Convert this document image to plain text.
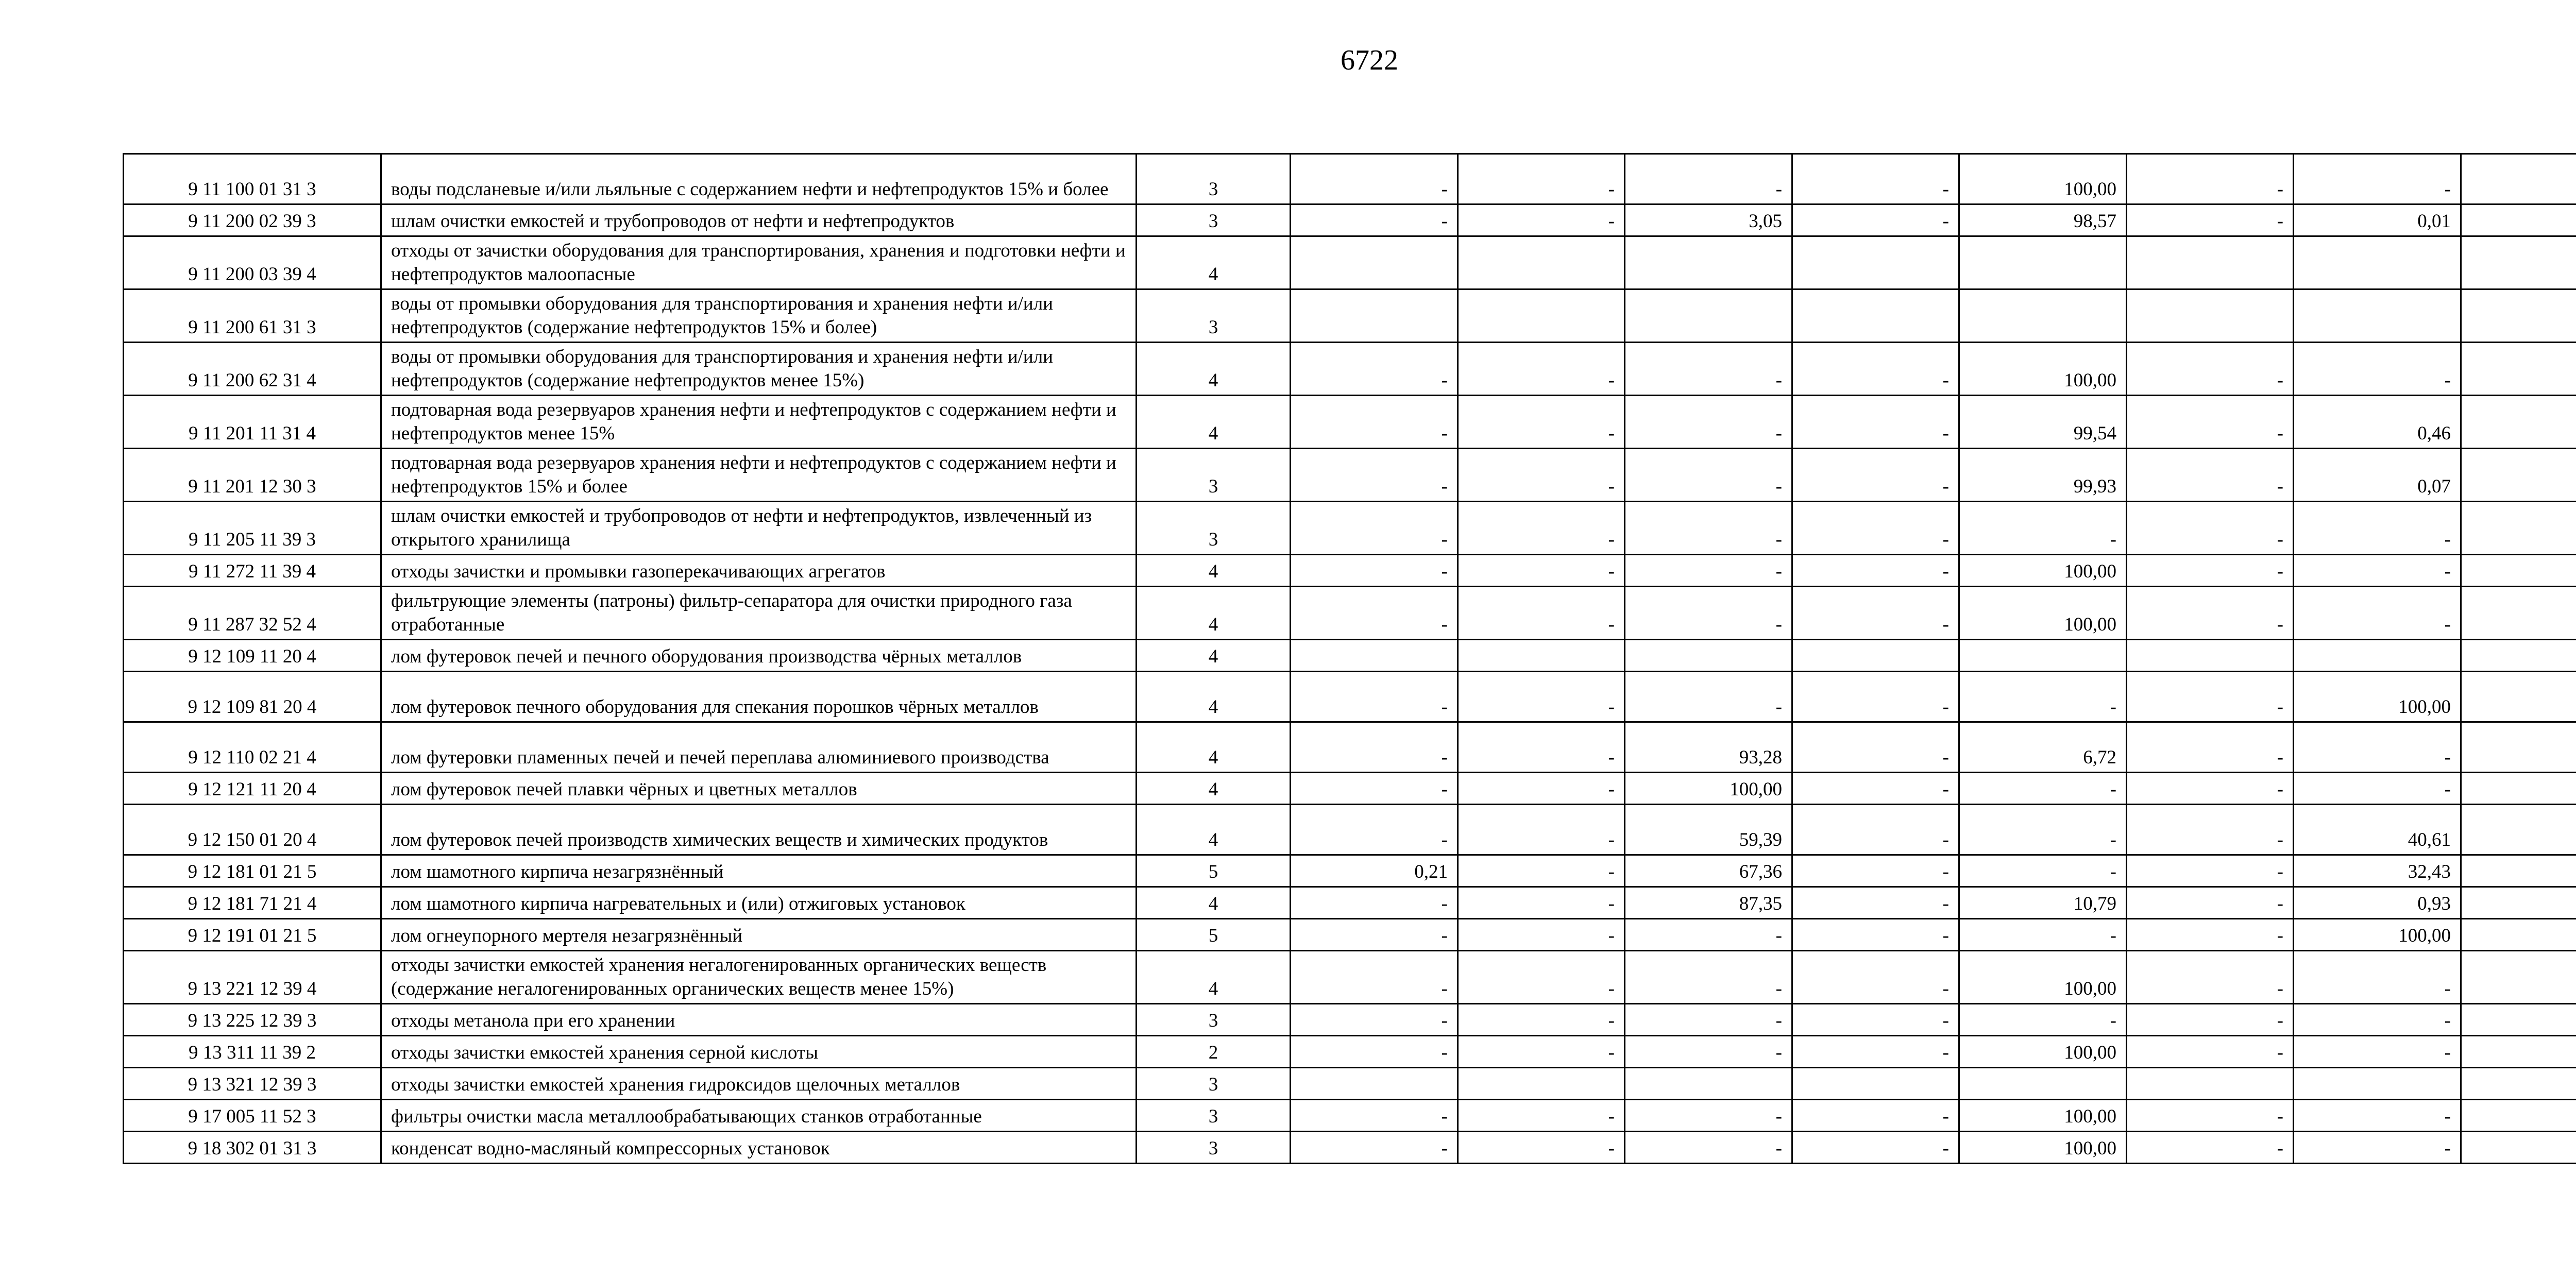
6722
9 11 100 01 31 3	воды подсланевые и/или льяльные с содержанием нефти и нефтепродуктов 15% и более	3	-	-	-	-	100,00	-	-	
9 11 200 02 39 3	шлам очистки емкостей и трубопроводов от нефти и нефтепродуктов	3	-	-	3,05	-	98,57	-	0,01	
9 11 200 03 39 4	отходы от зачистки оборудования для транспортирования, хранения и подготовки нефти и нефтепродуктов малоопасные	4								
9 11 200 61 31 3	воды от промывки оборудования для транспортирования и хранения нефти и/или нефтепродуктов (содержание нефтепродуктов 15% и более)	3								
9 11 200 62 31 4	воды от промывки оборудования для транспортирования и хранения нефти и/или нефтепродуктов (содержание нефтепродуктов менее 15%)	4	-	-	-	-	100,00	-	-	
9 11 201 11 31 4	подтоварная вода резервуаров хранения нефти и нефтепродуктов с содержанием нефти и нефтепродуктов менее 15%	4	-	-	-	-	99,54	-	0,46	
9 11 201 12 30 3	подтоварная вода резервуаров хранения нефти и нефтепродуктов с содержанием нефти и нефтепродуктов 15% и более	3	-	-	-	-	99,93	-	0,07	
9 11 205 11 39 3	шлам очистки емкостей и трубопроводов от нефти и нефтепродуктов, извлеченный из открытого хранилища	3	-	-	-	-	-	-	-	
9 11 272 11 39 4	отходы зачистки и промывки газоперекачивающих агрегатов	4	-	-	-	-	100,00	-	-	
9 11 287 32 52 4	фильтрующие элементы (патроны) фильтр-сепаратора для очистки природного газа отработанные	4	-	-	-	-	100,00	-	-	
9 12 109 11 20 4	лом футеровок печей и печного оборудования производства чёрных металлов	4								
9 12 109 81 20 4	лом футеровок печного оборудования для спекания порошков чёрных металлов	4	-	-	-	-	-	-	100,00	
9 12 110 02 21 4	лом футеровки пламенных печей и печей переплава алюминиевого производства	4	-	-	93,28	-	6,72	-	-	
9 12 121 11 20 4	лом футеровок печей плавки чёрных и цветных металлов	4	-	-	100,00	-	-	-	-	
9 12 150 01 20 4	лом футеровок печей производств химических веществ и химических продуктов	4	-	-	59,39	-	-	-	40,61	
9 12 181 01 21 5	лом шамотного кирпича незагрязнённый	5	0,21	-	67,36	-	-	-	32,43	
9 12 181 71 21 4	лом шамотного кирпича нагревательных и (или) отжиговых установок	4	-	-	87,35	-	10,79	-	0,93	
9 12 191 01 21 5	лом огнеупорного мертеля незагрязнённый	5	-	-	-	-	-	-	100,00	
9 13 221 12 39 4	отходы зачистки емкостей хранения негалогенированных органических веществ (содержание негалогенированных органических веществ менее 15%)	4	-	-	-	-	100,00	-	-	
9 13 225 12 39 3	отходы метанола при его хранении	3	-	-	-	-	-	-	-	
9 13 311 11 39 2	отходы зачистки емкостей хранения серной кислоты	2	-	-	-	-	100,00	-	-	
9 13 321 12 39 3	отходы зачистки емкостей хранения гидроксидов щелочных металлов	3								
9 17 005 11 52 3	фильтры очистки масла металлообрабатывающих станков отработанные	3	-	-	-	-	100,00	-	-	
9 18 302 01 31 3	конденсат водно-масляный компрессорных установок	3	-	-	-	-	100,00	-	-	
